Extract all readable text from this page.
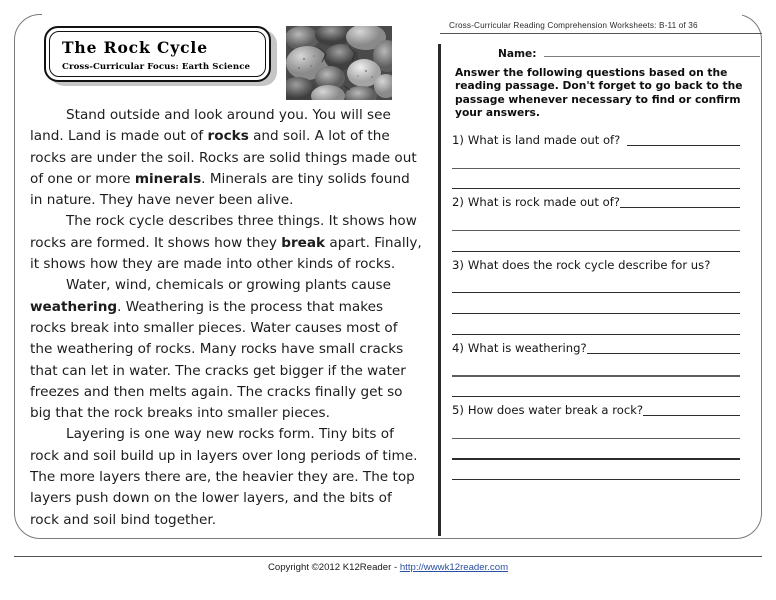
Cross-Curricular Reading Comprehension Worksheets: B-11 of 36
The Rock Cycle
Cross-Curricular Focus: Earth Science

Stand outside and look around you. You will see land. Land is made out of rocks and soil. A lot of the rocks are under the soil. Rocks are solid things made out of one or more minerals. Minerals are tiny solids found in nature. They have never been alive.

The rock cycle describes three things. It shows how rocks are formed. It shows how they break apart. Finally, it shows how they are made into other kinds of rocks.

Water, wind, chemicals or growing plants cause weathering. Weathering is the process that makes rocks break into smaller pieces. Water causes most of the weathering of rocks. Many rocks have small cracks that can let in water. The cracks get bigger if the water freezes and then melts again. The cracks finally get so big that the rock breaks into smaller pieces.

Layering is one way new rocks form. Tiny bits of rock and soil build up in layers over long periods of time. The more layers there are, the heavier they are. The top layers push down on the lower layers, and the bits of rock and soil bind together.

Name:
Answer the following questions based on the reading passage. Don't forget to go back to the passage whenever necessary to find or confirm your answers.
1) What is land made out of?
2) What is rock made out of?
3) What does the rock cycle describe for us?
4) What is weathering?
5) How does water break a rock?
Copyright ©2012 K12Reader - http://wwwk12reader.com
